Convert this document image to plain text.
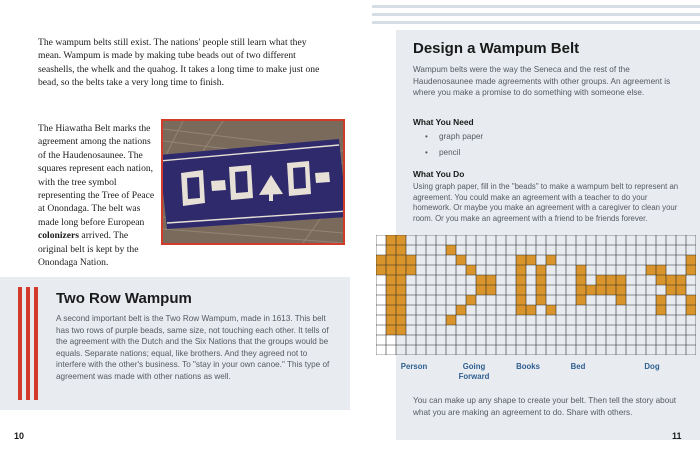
The wampum belts still exist. The nations' people still learn what they mean. Wampum is made by making tube beads out of two different seashells, the whelk and the quahog. It takes a long time to make just one bead, so the belts take a very long time to finish.

The Hiawatha Belt marks the agreement among the nations of the Haudenosaunee. The squares represent each nation, with the tree symbol representing the Tree of Peace at Onondaga. The belt was made long before European colonizers arrived. The original belt is kept by the Onondaga Nation.

Two Row Wampum

A second important belt is the Two Row Wampum, made in 1613. This belt has two rows of purple beads, same size, not touching each other. It tells of the agreement with the Dutch and the Six Nations that the groups would be equals. Separate nations; equal, like brothers. And they agreed not to interfere with the other's business. To "stay in your own canoe." This type of agreement was made with other nations as well.

10
Design a Wampum Belt

Wampum belts were the way the Seneca and the rest of the Haudenosaunee made agreements with other groups. An agreement is where you make a promise to do something with someone else.

What You Need
• graph paper
• pencil
What You Do

Using graph paper, fill in the "beads" to make a wampum belt to represent an agreement. You could make an agreement with a teacher to do your homework. Or maybe you make an agreement with a caregiver to clean your room. Or you make an agreement with a friend to be friends forever.

Person	Going Forward
Books	Bed	Dog

You can make up any shape to create your belt. Then tell the story about what you are making an agreement to do. Share with others.

11
